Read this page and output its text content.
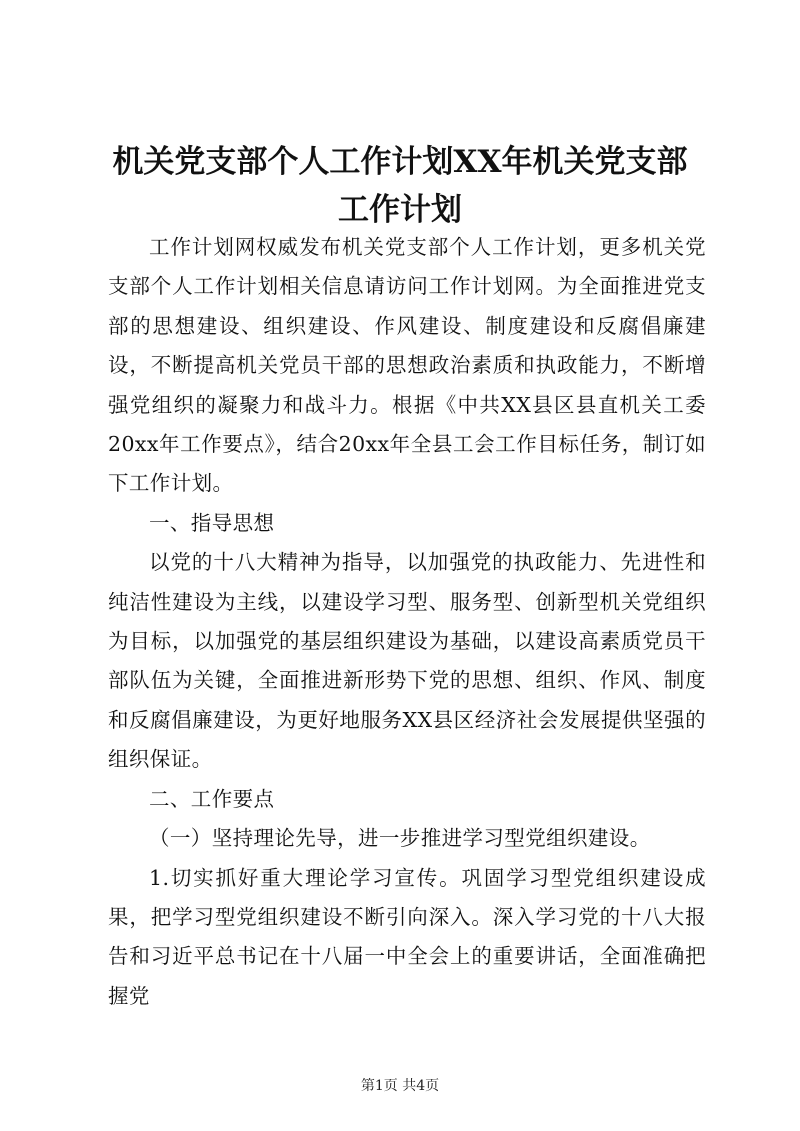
机关党支部个人工作计划XX年机关党支部工作计划

工作计划网权威发布机关党支部个人工作计划，更多机关党支部个人工作计划相关信息请访问工作计划网。为全面推进党支部的思想建设、组织建设、作风建设、制度建设和反腐倡廉建设，不断提高机关党员干部的思想政治素质和执政能力，不断增强党组织的凝聚力和战斗力。根据《中共XX县区县直机关工委20xx年工作要点》，结合20xx年全县工会工作目标任务，制订如下工作计划。

一、指导思想

以党的十八大精神为指导，以加强党的执政能力、先进性和纯洁性建设为主线，以建设学习型、服务型、创新型机关党组织为目标，以加强党的基层组织建设为基础，以建设高素质党员干部队伍为关键，全面推进新形势下党的思想、组织、作风、制度和反腐倡廉建设，为更好地服务XX县区经济社会发展提供坚强的组织保证。

二、工作要点

（一）坚持理论先导，进一步推进学习型党组织建设。

1.切实抓好重大理论学习宣传。巩固学习型党组织建设成果，把学习型党组织建设不断引向深入。深入学习党的十八大报告和习近平总书记在十八届一中全会上的重要讲话，全面准确把握党

第1页 共4页
